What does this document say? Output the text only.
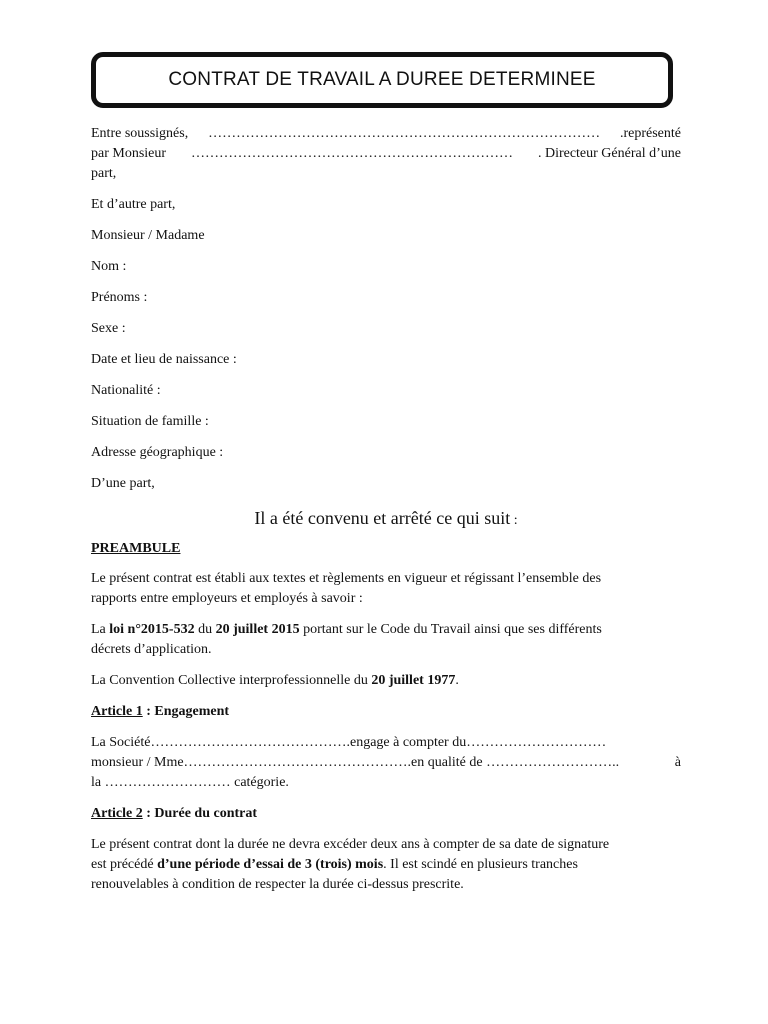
CONTRAT DE TRAVAIL A DUREE DETERMINEE
Entre soussignés, ………………………………………………………………………… .représenté
par Monsieur …………………………………………………………… . Directeur Général d’une

part,

Et d’autre part,

Monsieur / Madame

Nom :

Prénoms :

Sexe :

Date et lieu de naissance :

Nationalité :

Situation de famille :

Adresse géographique :

D’une part,

Il a été convenu et arrêté ce qui suit :

PREAMBULE

Le présent contrat est établi aux textes et règlements en vigueur et régissant l’ensemble des

rapports entre employeurs et employés à savoir :

La loi n°2015-532 du 20 juillet 2015 portant sur le Code du Travail ainsi que ses différents

décrets d’application.

La Convention Collective interprofessionnelle du 20 juillet 1977.

Article 1 : Engagement

La Société…………………………………….engage à compter du…………………………
monsieur / Mme………………………………………….en qualité de ………………………..	à

la ……………………… catégorie.

Article 2 : Durée du contrat

Le présent contrat dont la durée ne devra excéder deux ans à compter de sa date de signature

est précédé d’une période d’essai de 3 (trois) mois. Il est scindé en plusieurs tranches

renouvelables à condition de respecter la durée ci-dessus prescrite.
